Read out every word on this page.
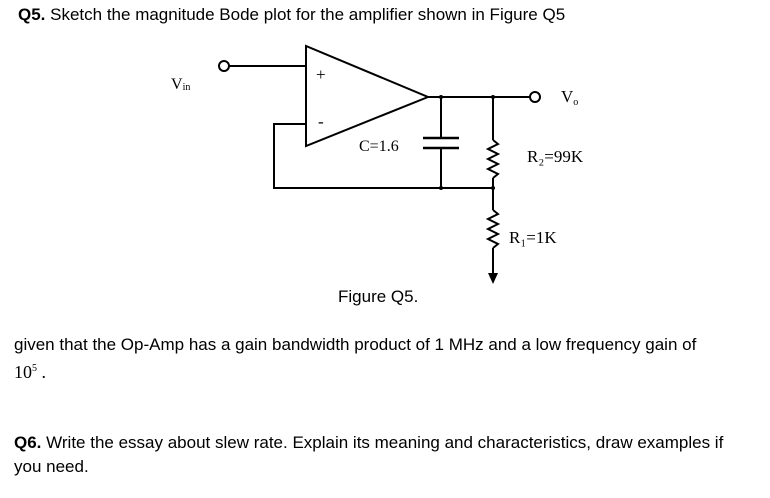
Q5. Sketch the magnitude Bode plot for the amplifier shown in Figure Q5

Vin	Vo
+
-
C=1.6
R₂=99K
R₁=1K
Figure Q5.
given that the Op-Amp has a gain bandwidth product of 1 MHz and a low frequency gain of
$10^5$ .
Q6. Write the essay about slew rate. Explain its meaning and characteristics, draw examples if you need.
